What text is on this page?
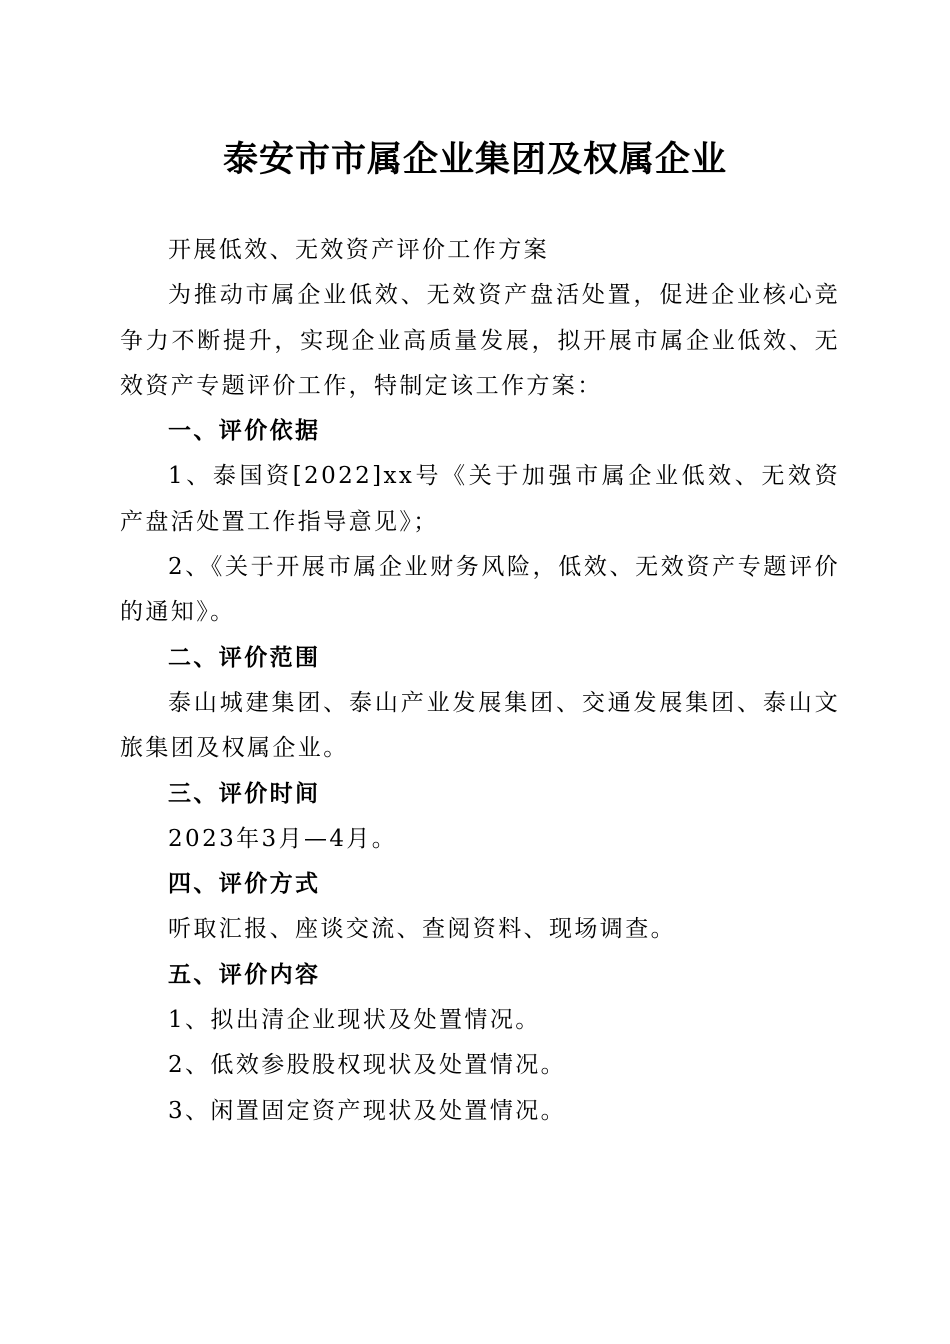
泰安市市属企业集团及权属企业

开展低效、无效资产评价工作方案

为推动市属企业低效、无效资产盘活处置，促进企业核心竞争力不断提升，实现企业高质量发展，拟开展市属企业低效、无效资产专题评价工作，特制定该工作方案：

一、评价依据

1、泰国资[2022]xx号《关于加强市属企业低效、无效资产盘活处置工作指导意见》；

2、《关于开展市属企业财务风险，低效、无效资产专题评价的通知》。

二、评价范围

泰山城建集团、泰山产业发展集团、交通发展集团、泰山文旅集团及权属企业。

三、评价时间

2023年3月—4月。

四、评价方式

听取汇报、座谈交流、查阅资料、现场调查。

五、评价内容

1、拟出清企业现状及处置情况。

2、低效参股股权现状及处置情况。

3、闲置固定资产现状及处置情况。
